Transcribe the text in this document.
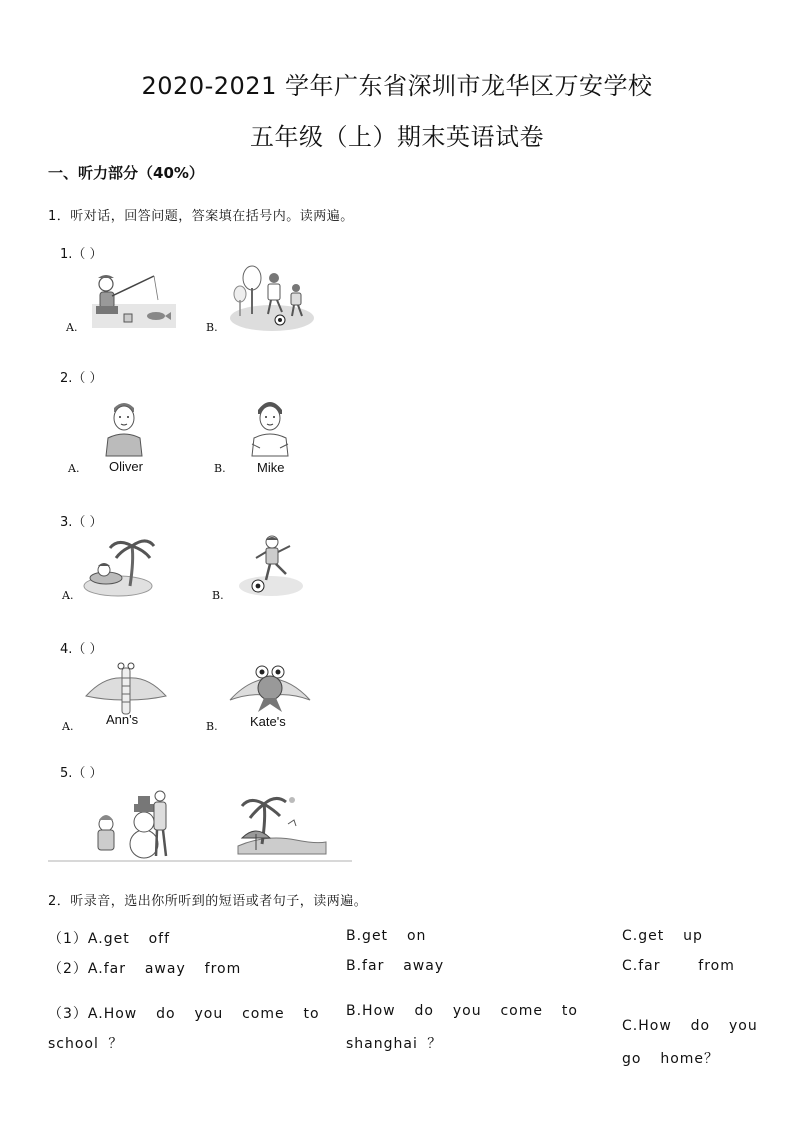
2020-2021 学年广东省深圳市龙华区万安学校
五年级（上）期末英语试卷
一、听力部分（40%）
1．听对话，回答问题，答案填在括号内。读两遍。
1.（ ）
A.	B.
2.（ ）
A. Oliver	B. Mike
3.（ ）
A.	B.
4.（ ）
A.	Ann's	B. Kate's
5.（ ）
2．听录音，选出你所听到的短语或者句子，读两遍。
（1）A.get  off	B.get  on	C.get  up
（2）A.far  away  from	B.far  away	C.far    from
（3）A.How  do  you  come  to
school ？
B.How  do  you  come  to
shanghai ？
C.How  do  you
go  home？
